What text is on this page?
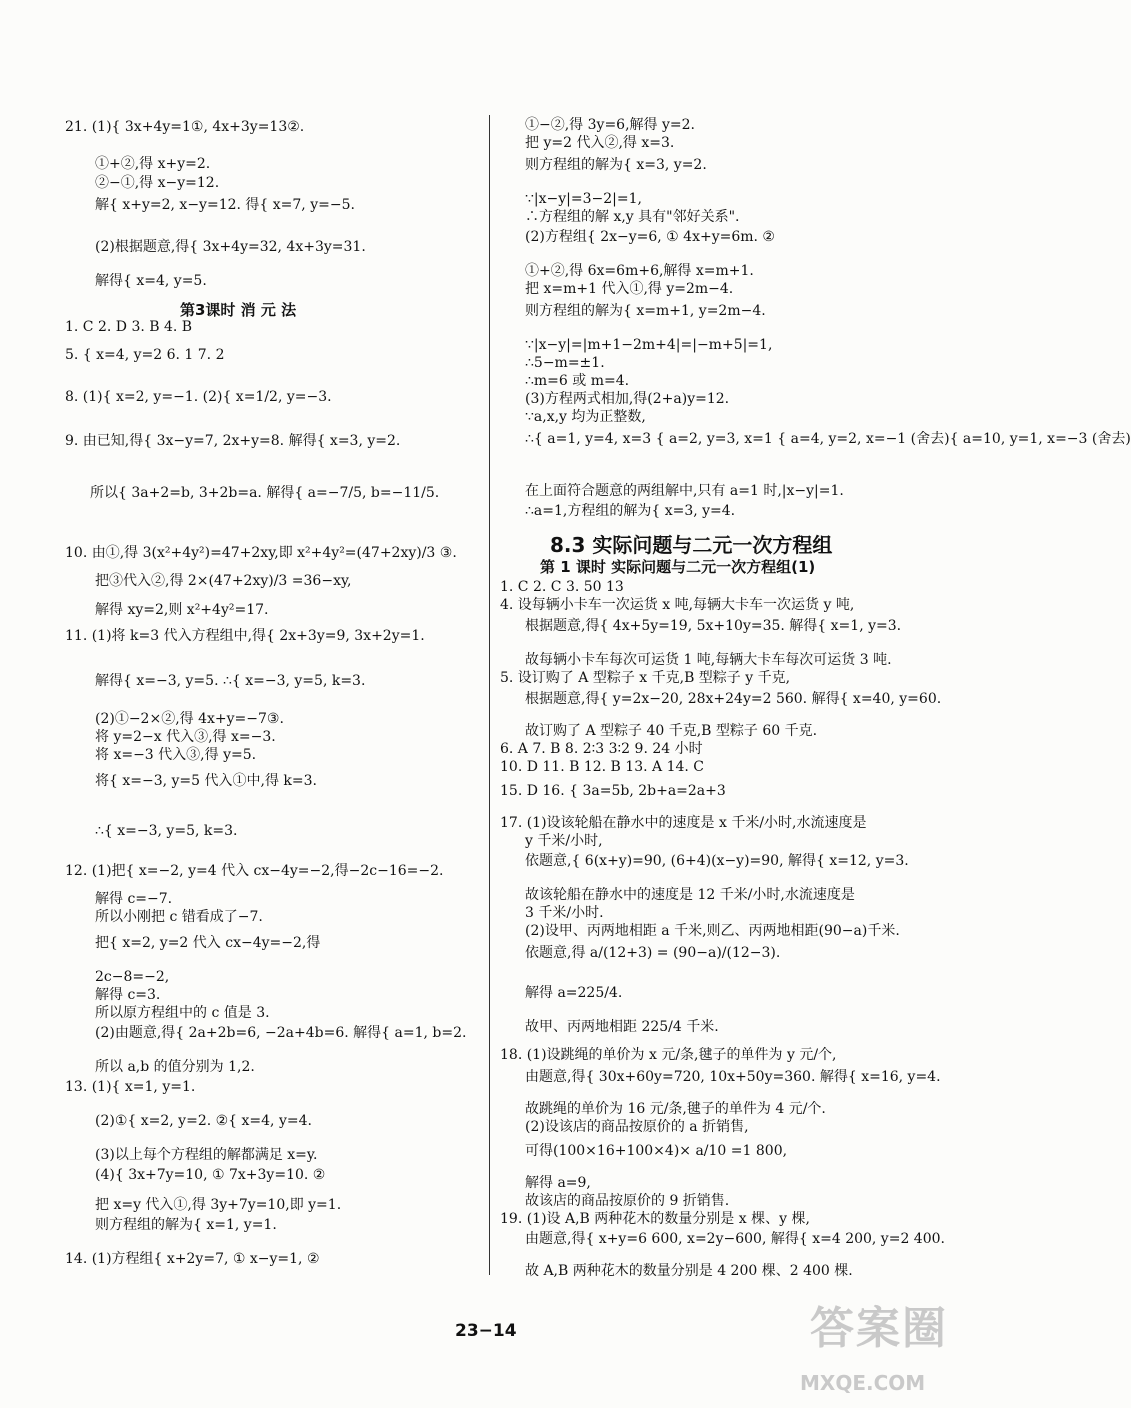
21. (1){ 3x+4y=1①, 4x+3y=13②.
①+②,得 x+y=2.
②−①,得 x−y=12.
解{ x+y=2, x−y=12. 得{ x=7, y=−5.
(2)根据题意,得{ 3x+4y=32, 4x+3y=31.
解得{ x=4, y=5.
第3课时 消 元 法
1. C 2. D 3. B 4. B
5. { x=4, y=2 6. 1 7. 2
8. (1){ x=2, y=−1. (2){ x=1/2, y=−3.
9. 由已知,得{ 3x−y=7, 2x+y=8. 解得{ x=3, y=2.
所以{ 3a+2=b, 3+2b=a. 解得{ a=−7/5, b=−11/5.
10. 由①,得 3(x²+4y²)=47+2xy,即 x²+4y²=(47+2xy)/3 ③.
把③代入②,得 2×(47+2xy)/3 =36−xy,
解得 xy=2,则 x²+4y²=17.
11. (1)将 k=3 代入方程组中,得{ 2x+3y=9, 3x+2y=1.
解得{ x=−3, y=5. ∴{ x=−3, y=5, k=3.
(2)①−2×②,得 4x+y=−7③.
将 y=2−x 代入③,得 x=−3.
将 x=−3 代入③,得 y=5.
将{ x=−3, y=5 代入①中,得 k=3.
∴{ x=−3, y=5, k=3.
12. (1)把{ x=−2, y=4 代入 cx−4y=−2,得−2c−16=−2.
解得 c=−7.
所以小刚把 c 错看成了−7.
把{ x=2, y=2 代入 cx−4y=−2,得
2c−8=−2,
解得 c=3.
所以原方程组中的 c 值是 3.
(2)由题意,得{ 2a+2b=6, −2a+4b=6. 解得{ a=1, b=2.
所以 a,b 的值分别为 1,2.
13. (1){ x=1, y=1.
(2)①{ x=2, y=2. ②{ x=4, y=4.
(3)以上每个方程组的解都满足 x=y.
(4){ 3x+7y=10, ① 7x+3y=10. ②
把 x=y 代入①,得 3y+7y=10,即 y=1.
则方程组的解为{ x=1, y=1.
14. (1)方程组{ x+2y=7, ① x−y=1, ②
①−②,得 3y=6,解得 y=2.
把 y=2 代入②,得 x=3.
则方程组的解为{ x=3, y=2.
∵|x−y|=3−2|=1,
∴方程组的解 x,y 具有"邻好关系".
(2)方程组{ 2x−y=6, ① 4x+y=6m. ②
①+②,得 6x=6m+6,解得 x=m+1.
把 x=m+1 代入①,得 y=2m−4.
则方程组的解为{ x=m+1, y=2m−4.
∵|x−y|=|m+1−2m+4|=|−m+5|=1,
∴5−m=±1.
∴m=6 或 m=4.
(3)方程两式相加,得(2+a)y=12.
∵a,x,y 均为正整数,
∴{ a=1, y=4, x=3 { a=2, y=3, x=1 { a=4, y=2, x=−1 (舍去){ a=10, y=1, x=−3 (舍去)
在上面符合题意的两组解中,只有 a=1 时,|x−y|=1.
∴a=1,方程组的解为{ x=3, y=4.
8.3 实际问题与二元一次方程组
第 1 课时 实际问题与二元一次方程组(1)
1. C 2. C 3. 50 13
4. 设每辆小卡车一次运货 x 吨,每辆大卡车一次运货 y 吨,
根据题意,得{ 4x+5y=19, 5x+10y=35. 解得{ x=1, y=3.
故每辆小卡车每次可运货 1 吨,每辆大卡车每次可运货 3 吨.
5. 设订购了 A 型粽子 x 千克,B 型粽子 y 千克,
根据题意,得{ y=2x−20, 28x+24y=2 560. 解得{ x=40, y=60.
故订购了 A 型粽子 40 千克,B 型粽子 60 千克.
6. A 7. B 8. 2∶3 3∶2 9. 24 小时
10. D 11. B 12. B 13. A 14. C
15. D 16. { 3a=5b, 2b+a=2a+3
17. (1)设该轮船在静水中的速度是 x 千米/小时,水流速度是
y 千米/小时,
依题意,{ 6(x+y)=90, (6+4)(x−y)=90, 解得{ x=12, y=3.
故该轮船在静水中的速度是 12 千米/小时,水流速度是
3 千米/小时.
(2)设甲、丙两地相距 a 千米,则乙、丙两地相距(90−a)千米.
依题意,得 a/(12+3) = (90−a)/(12−3).
解得 a=225/4.
故甲、丙两地相距 225/4 千米.
18. (1)设跳绳的单价为 x 元/条,毽子的单件为 y 元/个,
由题意,得{ 30x+60y=720, 10x+50y=360. 解得{ x=16, y=4.
故跳绳的单价为 16 元/条,毽子的单件为 4 元/个.
(2)设该店的商品按原价的 a 折销售,
可得(100×16+100×4)× a/10 =1 800,
解得 a=9,
故该店的商品按原价的 9 折销售.
19. (1)设 A,B 两种花木的数量分别是 x 棵、y 棵,
由题意,得{ x+y=6 600, x=2y−600, 解得{ x=4 200, y=2 400.
故 A,B 两种花木的数量分别是 4 200 棵、2 400 棵.
23−14	答案圈
MXQE.COM
